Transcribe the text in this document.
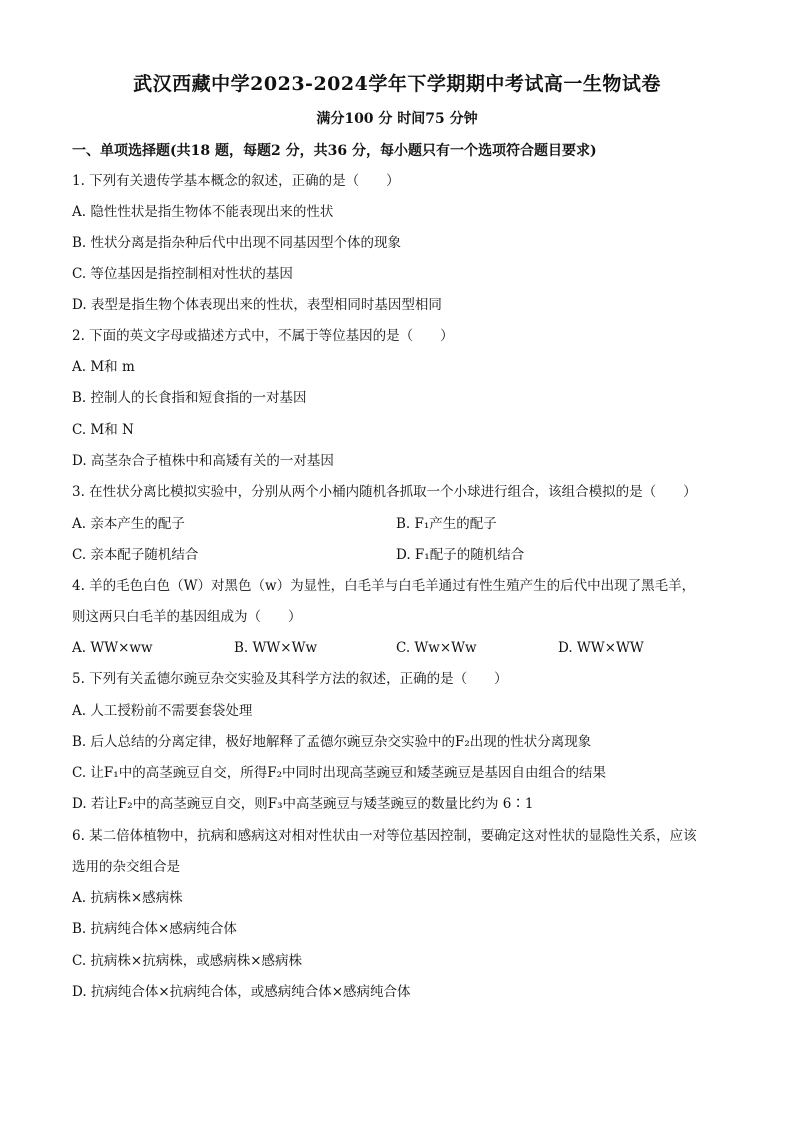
武汉西藏中学2023-2024学年下学期期中考试高一生物试卷
满分100 分 时间75 分钟
一、单项选择题(共18 题，每题2 分，共36 分，每小题只有一个选项符合题目要求)
1. 下列有关遗传学基本概念的叙述，正确的是（　　）
A. 隐性性状是指生物体不能表现出来的性状
B. 性状分离是指杂种后代中出现不同基因型个体的现象
C. 等位基因是指控制相对性状的基因
D. 表型是指生物个体表现出来的性状，表型相同时基因型相同
2. 下面的英文字母或描述方式中，不属于等位基因的是（　　）
A. M和 m
B. 控制人的长食指和短食指的一对基因
C. M和 N
D. 高茎杂合子植株中和高矮有关的一对基因
3. 在性状分离比模拟实验中，分别从两个小桶内随机各抓取一个小球进行组合，该组合模拟的是（　　）
A. 亲本产生的配子	B. F₁产生的配子
C. 亲本配子随机结合	D. F₁配子的随机结合
4. 羊的毛色白色（W）对黑色（w）为显性，白毛羊与白毛羊通过有性生殖产生的后代中出现了黑毛羊，
则这两只白毛羊的基因组成为（　　）
A. WW×ww	B. WW×Ww	C. Ww×Ww	D. WW×WW
5. 下列有关孟德尔豌豆杂交实验及其科学方法的叙述，正确的是（　　）
A. 人工授粉前不需要套袋处理
B. 后人总结的分离定律，极好地解释了孟德尔豌豆杂交实验中的F₂出现的性状分离现象
C. 让F₁中的高茎豌豆自交，所得F₂中同时出现高茎豌豆和矮茎豌豆是基因自由组合的结果
D. 若让F₂中的高茎豌豆自交，则F₃中高茎豌豆与矮茎豌豆的数量比约为 6∶1
6. 某二倍体植物中，抗病和感病这对相对性状由一对等位基因控制，要确定这对性状的显隐性关系，应该
选用的杂交组合是
A. 抗病株×感病株
B. 抗病纯合体×感病纯合体
C. 抗病株×抗病株，或感病株×感病株
D. 抗病纯合体×抗病纯合体，或感病纯合体×感病纯合体
